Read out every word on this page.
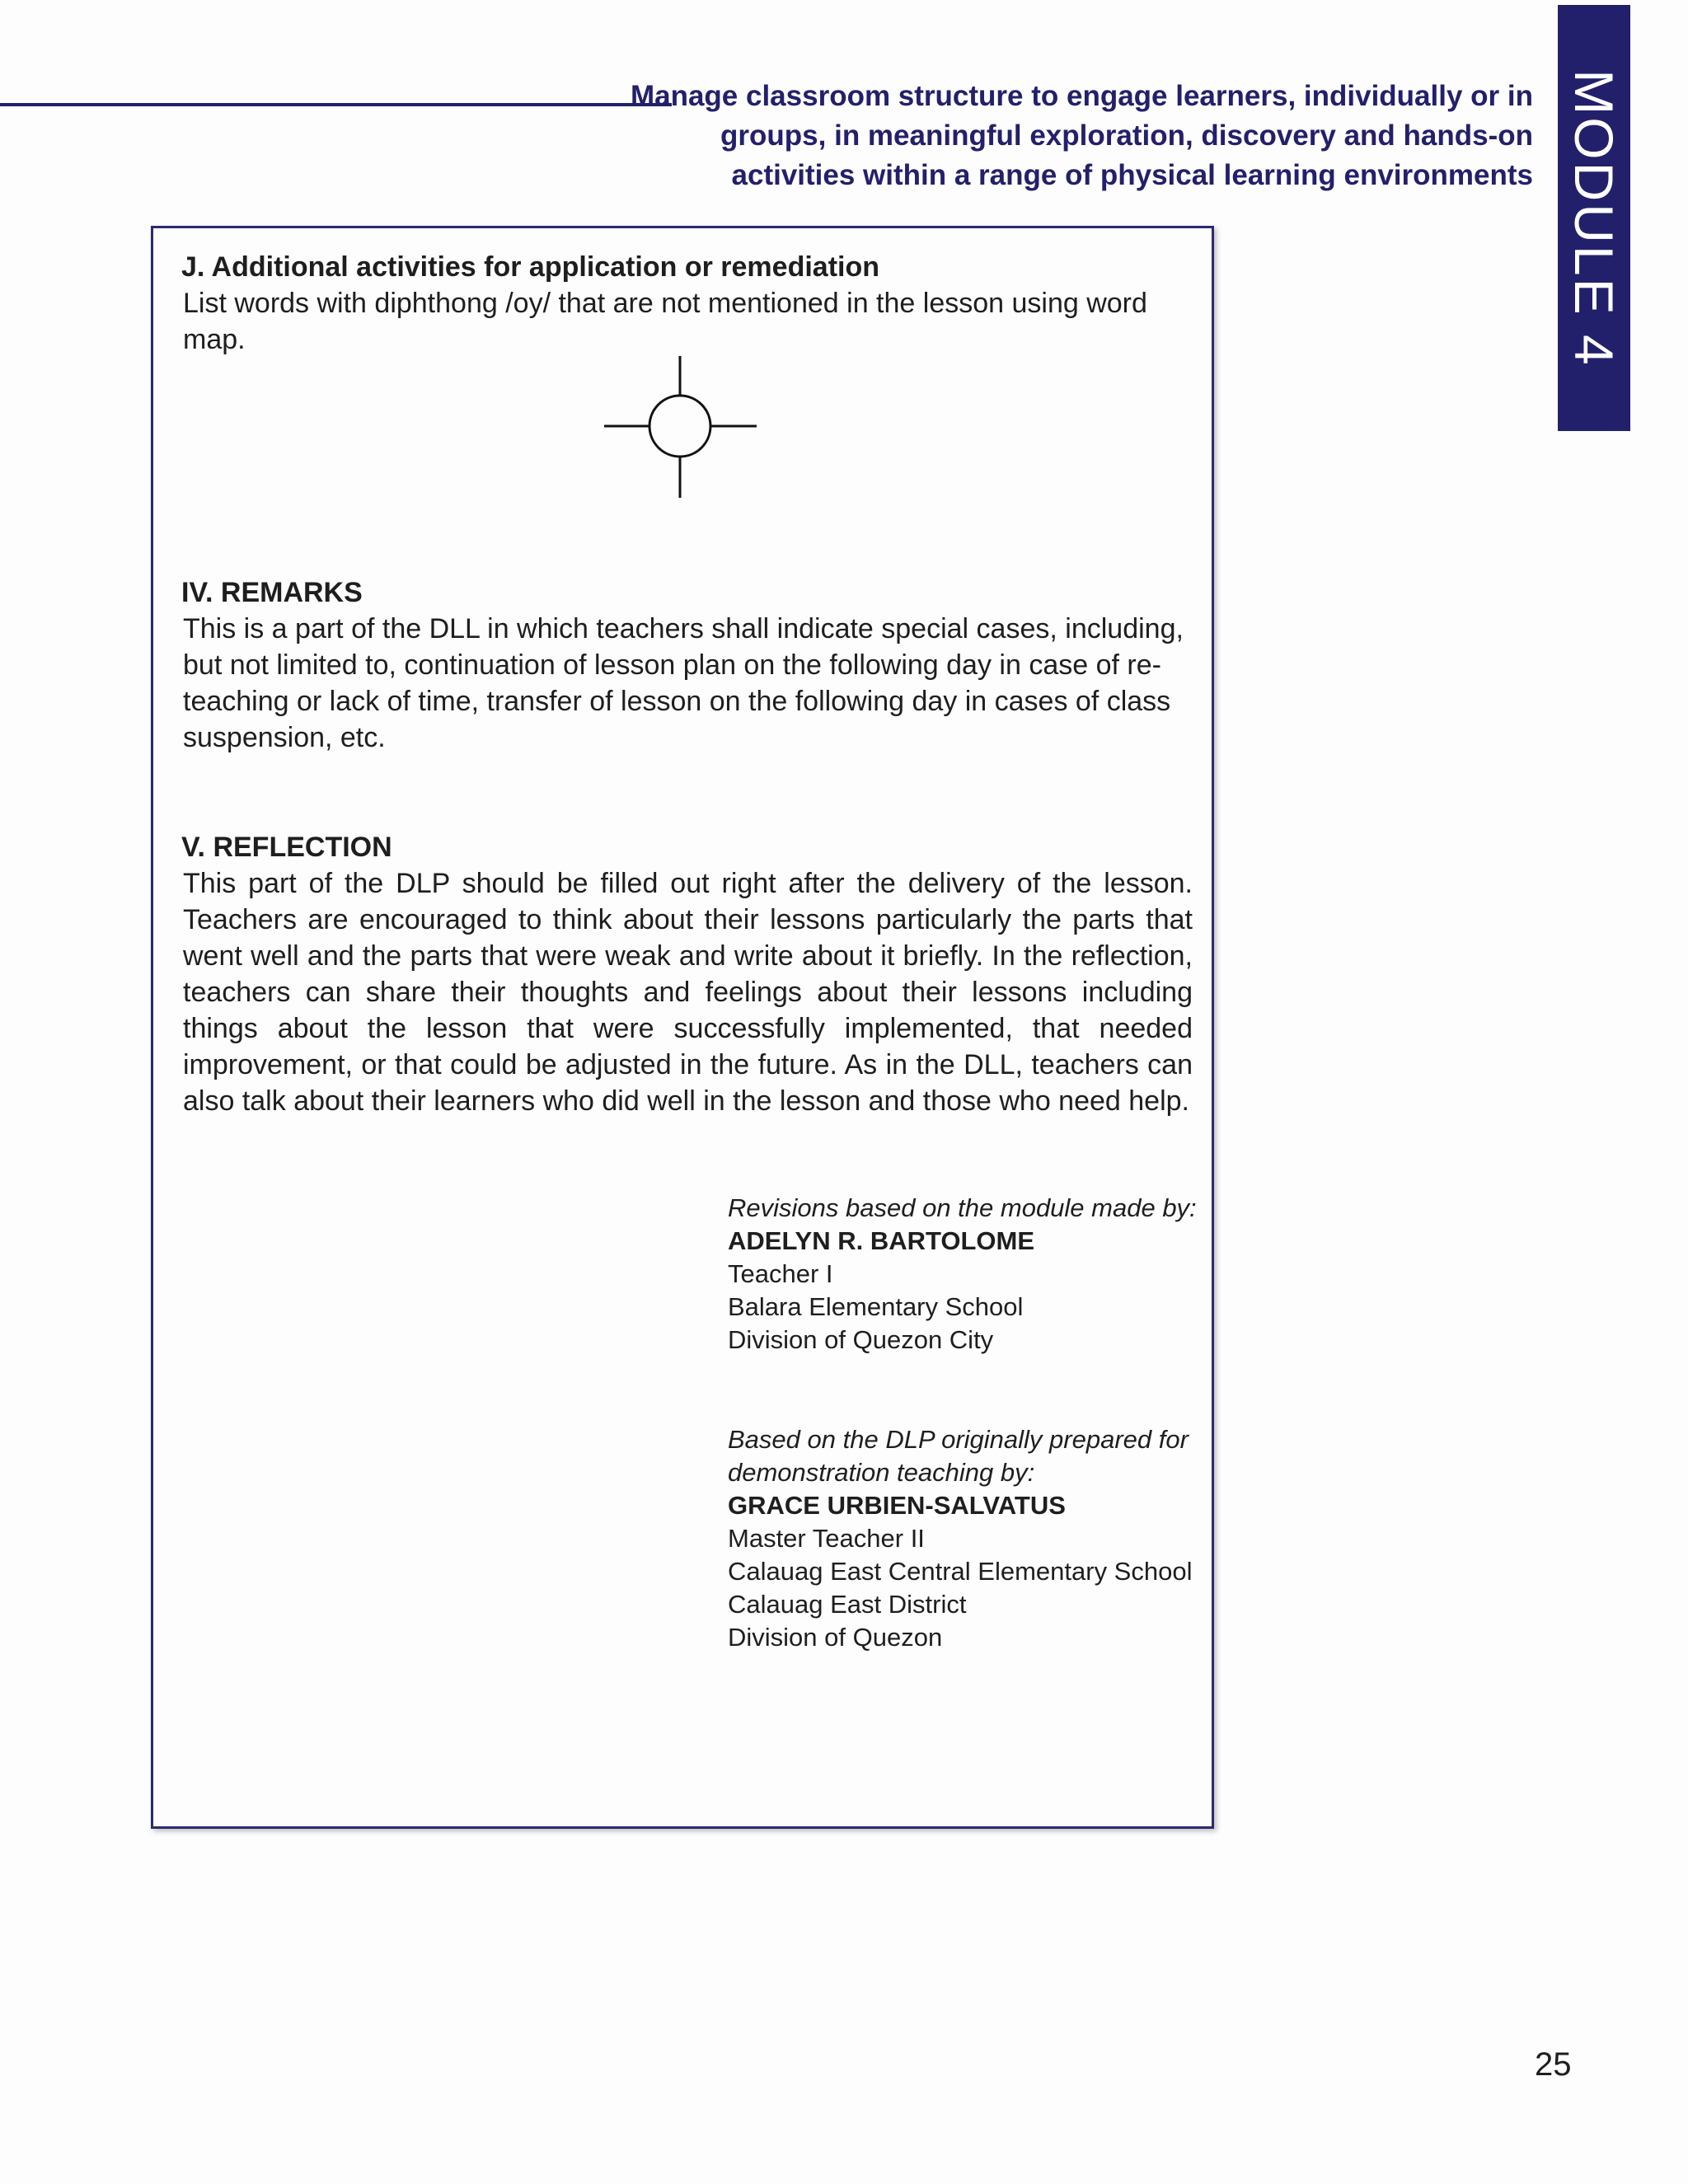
Manage classroom structure to engage learners, individually or in groups, in meaningful exploration, discovery and hands-on activities within a range of physical learning environments MODULE 4
J. Additional activities for application or remediation
List words with diphthong /oy/ that are not mentioned in the lesson using word map.
IV. REMARKS
This is a part of the DLL in which teachers shall indicate special cases, including, but not limited to, continuation of lesson plan on the following day in case of re-teaching or lack of time, transfer of lesson on the following day in cases of class suspension, etc.
V. REFLECTION
This part of the DLP should be filled out right after the delivery of the lesson. Teachers are encouraged to think about their lessons particularly the parts that went well and the parts that were weak and write about it briefly. In the reflection, teachers can share their thoughts and feelings about their lessons including things about the lesson that were successfully implemented, that needed improvement, or that could be adjusted in the future. As in the DLL, teachers can also talk about their learners who did well in the lesson and those who need help.
Revisions based on the module made by:
ADELYN R. BARTOLOME
Teacher I
Balara Elementary School
Division of Quezon City
Based on the DLP originally prepared for
demonstration teaching by:
GRACE URBIEN-SALVATUS
Master Teacher II
Calauag East Central Elementary School
Calauag East District
Division of Quezon
25
